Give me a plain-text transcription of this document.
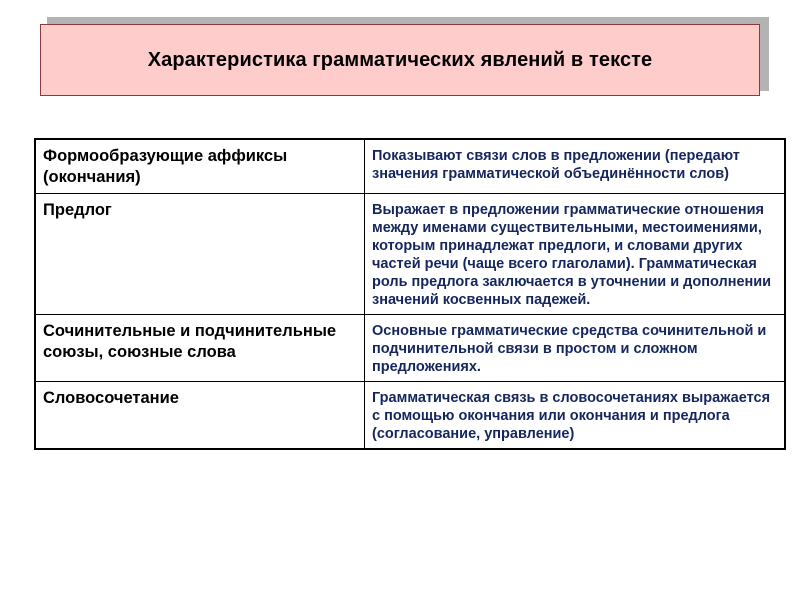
Характеристика грамматических явлений в тексте
Формообразующие аффиксы (окончания)	Показывают связи слов в предложении (передают значения грамматической объединённости слов)
Предлог	Выражает в предложении грамматические отношения между именами существительными, местоимениями, которым принадлежат предлоги, и словами других частей речи (чаще всего глаголами). Грамматическая роль предлога заключается в уточнении и дополнении значений косвенных падежей.
Сочинительные и подчинительные союзы, союзные слова	Основные грамматические средства сочинительной и подчинительной связи в простом и сложном предложениях.
Словосочетание	Грамматическая связь в словосочетаниях выражается с помощью окончания или окончания и предлога (согласование, управление)
